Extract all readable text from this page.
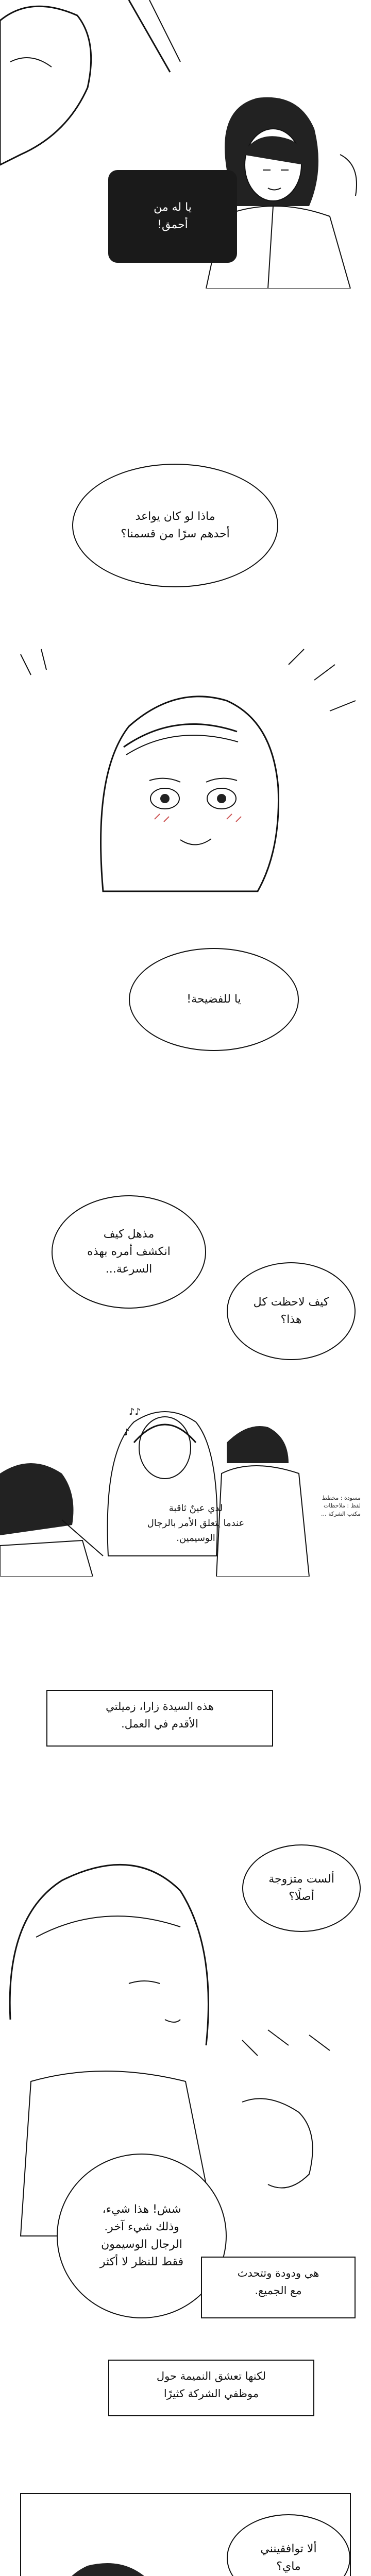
يا له من
أحمق!
ماذا لو كان يواعد
أحدهم سرًا من قسمنا؟
يا للفضيحة!
مذهل كيف
انكشف أمره بهذه
السرعة...
كيف لاحظت كل
هذا؟
♪
♪♪
لدي عينٌ ثاقبة
عندما يتعلق الأمر بالرجال
الوسيمين.
مسودة : مخطط
لفظ : ملاحظات
مكتب الشركة ...
هذه السيدة زارا، زميلتي
الأقدم في العمل.
ألست متزوجة
أصلًا؟
شش! هذا شيء،
وذلك شيء آخر.
الرجال الوسيمون
فقط للنظر لا أكثر
هي ودودة وتتحدث
مع الجميع.
لكنها تعشق النميمة حول
موظفي الشركة كثيرًا
ألا توافقينني
ماي؟
